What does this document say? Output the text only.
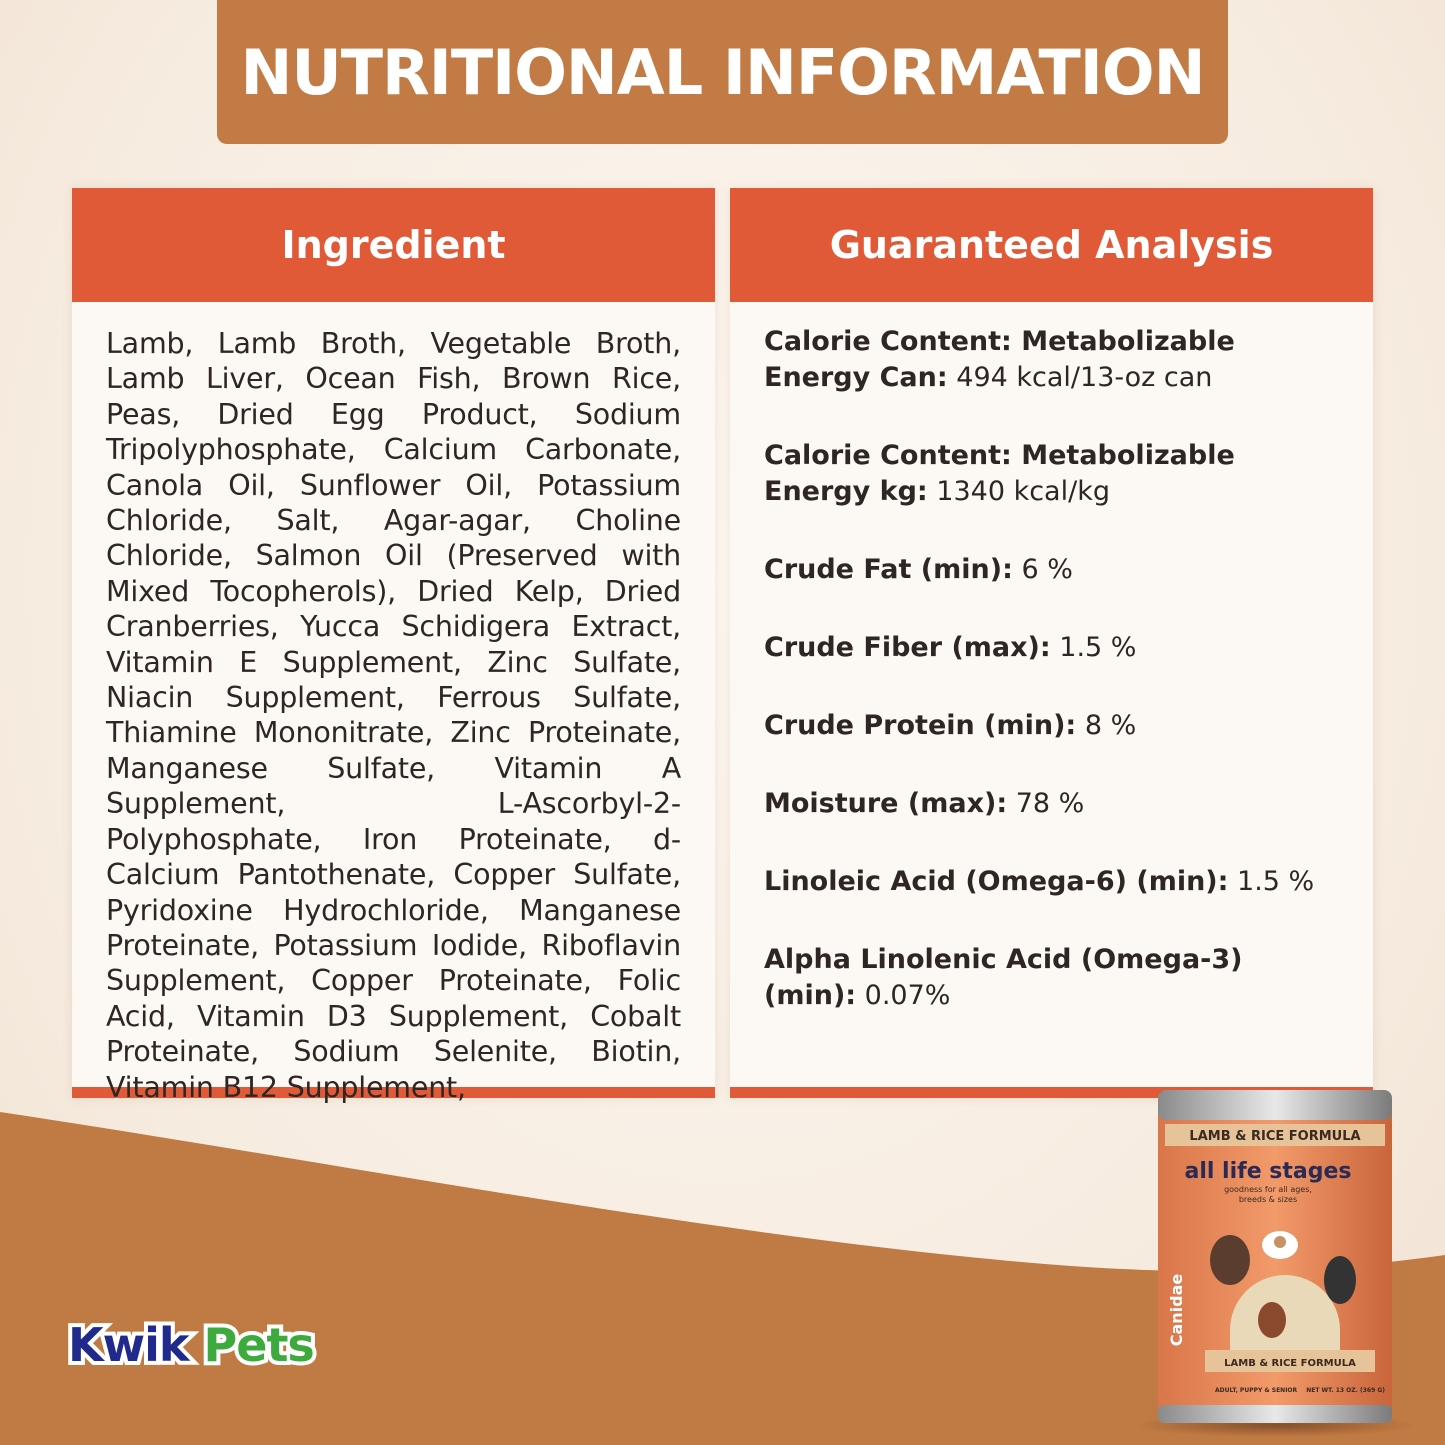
NUTRITIONAL INFORMATION
Ingredient

Lamb, Lamb Broth, Vegetable Broth, Lamb Liver, Ocean Fish, Brown Rice, Peas, Dried Egg Product, Sodium Tripolyphosphate, Calcium Carbonate, Canola Oil, Sunflower Oil, Potassium Chloride, Salt, Agar-agar, Choline Chloride, Salmon Oil (Preserved with Mixed Tocopherols), Dried Kelp, Dried Cranberries, Yucca Schidigera Extract, Vitamin E Supplement, Zinc Sulfate, Niacin Supplement, Ferrous Sulfate, Thiamine Mononitrate, Zinc Proteinate, Manganese Sulfate, Vitamin A Supplement, L-Ascorbyl-2-Polyphosphate, Iron Proteinate, d-Calcium Pantothenate, Copper Sulfate, Pyridoxine Hydrochloride, Manganese Proteinate, Potassium Iodide, Riboflavin Supplement, Copper Proteinate, Folic Acid, Vitamin D3 Supplement, Cobalt Proteinate, Sodium Selenite, Biotin, Vitamin B12 Supplement,

Guaranteed Analysis
Calorie Content: Metabolizable Energy Can: 494 kcal/13-oz can
Calorie Content: Metabolizable Energy kg: 1340 kcal/kg
Crude Fat (min): 6 %
Crude Fiber (max): 1.5 %
Crude Protein (min): 8 %
Moisture (max): 78 %
Linoleic Acid (Omega-6) (min): 1.5 %
Alpha Linolenic Acid (Omega-3) (min): 0.07%
Kwik Pets
LAMB & RICE FORMULA
all life stages
goodness for all ages,
breeds & sizes
Canidae
LAMB & RICE FORMULA
ADULT, PUPPY & SENIOR NET WT. 13 OZ. (369 G)
